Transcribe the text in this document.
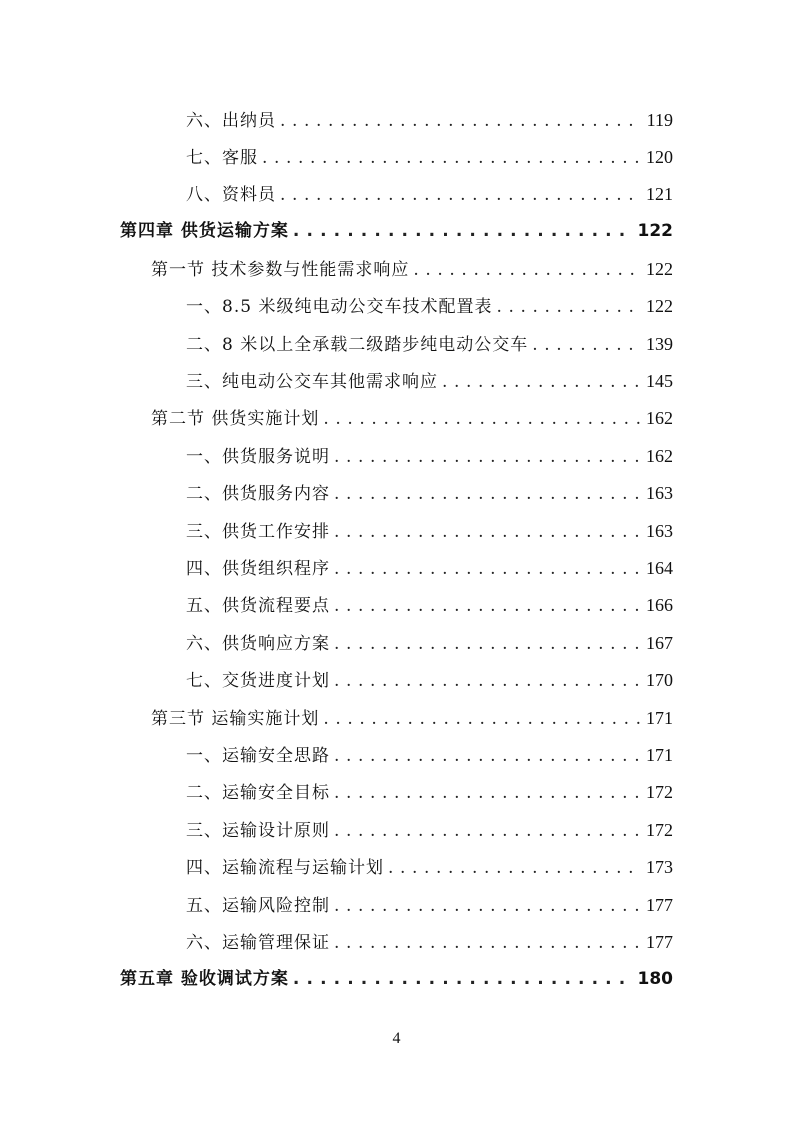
六、出纳员 . . .	119
七、客服 . . .	120
八、资料员 . . .	121
第四章 供货运输方案 . . .	122
第一节 技术参数与性能需求响应 . . .	122
一、8.5 米级纯电动公交车技术配置表 . . .	122
二、8 米以上全承载二级踏步纯电动公交车 . . .	139
三、纯电动公交车其他需求响应 . . .	145
第二节 供货实施计划 . . .	162
一、供货服务说明 . . .	162
二、供货服务内容 . . .	163
三、供货工作安排 . . .	163
四、供货组织程序 . . .	164
五、供货流程要点 . . .	166
六、供货响应方案 . . .	167
七、交货进度计划 . . .	170
第三节 运输实施计划 . . .	171
一、运输安全思路 . . .	171
二、运输安全目标 . . .	172
三、运输设计原则 . . .	172
四、运输流程与运输计划 . . .	173
五、运输风险控制 . . .	177
六、运输管理保证 . . .	177
第五章 验收调试方案 . . .	180
4
